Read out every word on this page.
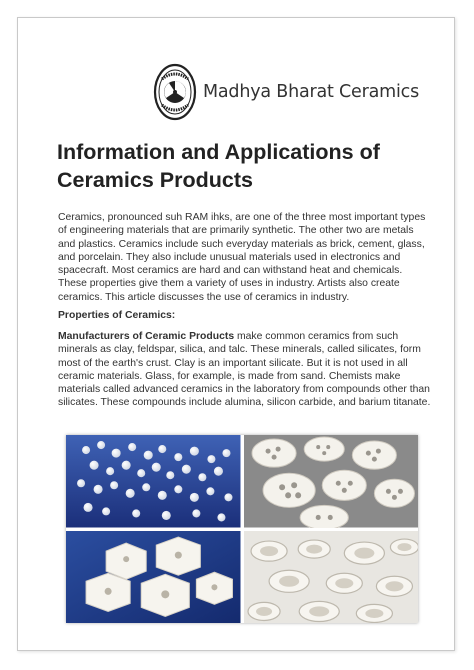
Madhya Bharat Ceramics
Information and Applications of
Ceramics Products

Ceramics, pronounced suh RAM ihks, are one of the three most important types of engineering materials that are primarily synthetic. The other two are metals and plastics. Ceramics include such everyday materials as brick, cement, glass, and porcelain. They also include unusual materials used in electronics and spacecraft. Most ceramics are hard and can withstand heat and chemicals. These properties give them a variety of uses in industry. Artists also create ceramics. This article discusses the use of ceramics in industry.

Properties of Ceramics:

Manufacturers of Ceramic Products make common ceramics from such minerals as clay, feldspar, silica, and talc. These minerals, called silicates, form most of the earth's crust. Clay is an important silicate. But it is not used in all ceramic materials. Glass, for example, is made from sand. Chemists make materials called advanced ceramics in the laboratory from compounds other than silicates. These compounds include alumina, silicon carbide, and barium titanate.
